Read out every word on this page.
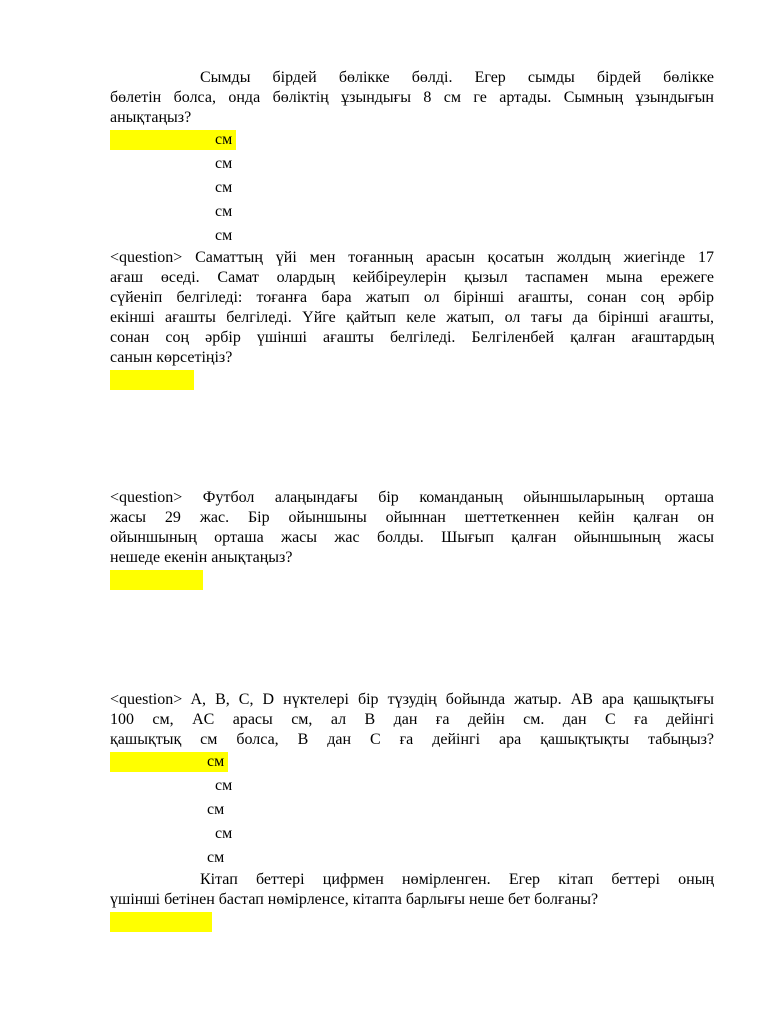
Сымды бірдей бөлікке бөлді. Егер сымды бірдей бөлікке
бөлетін болса, онда бөліктің ұзындығы 8 см ге артады. Сымның ұзындығын
анықтаңыз?
см
см
см
см
см
<question> Саматтың үйі мен тоғанның арасын қосатын жолдың жиегінде 17
ағаш өседі. Самат олардың кейбіреулерін қызыл таспамен мына ережеге
сүйеніп белгіледі: тоғанға бара жатып ол бірінші ағашты, сонан соң әрбір
екінші ағашты белгіледі. Үйге қайтып келе жатып, ол тағы да бірінші ағашты,
сонан соң әрбір үшінші ағашты белгіледі. Белгіленбей қалған ағаштардың
санын көрсетіңіз?
<question> Футбол алаңындағы бір команданың ойыншыларының орташа
жасы 29 жас. Бір ойыншыны ойыннан шеттеткеннен кейін қалған он
ойыншының орташа жасы жас болды. Шығып қалған ойыншының жасы
нешеде екенін анықтаңыз?
<question> A, B, C, D нүктелері бір түзудің бойында жатыр. AB ара қашықтығы
100 см, AC арасы см, ал B дан ға дейін см. дан C ға дейінгі
қашықтық см болса, B дан C ға дейінгі ара қашықтықты табыңыз?
см
см
см
см
см
Кітап беттері цифрмен нөмірленген. Егер кітап беттері оның
үшінші бетінен бастап нөмірленсе, кітапта барлығы неше бет болғаны?
